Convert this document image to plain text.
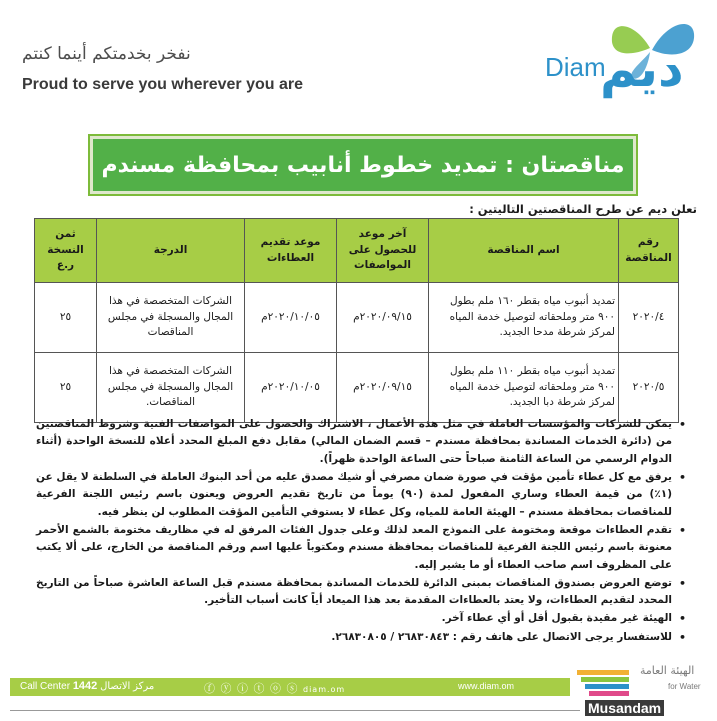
نفخر بخدمتكم أينما كنتم
Proud to serve you wherever you are
Diam
ديم
مناقصتان : تمديد خطوط أنابيب بمحافظة مسندم
تعلن ديم عن طرح المناقصتين التاليتين :
رقم المناقصة	اسم المناقصة	آخر موعد للحصول على المواصفات	موعد تقديم العطاءات	الدرجة	ثمن النسخة ر.ع
٢٠٢٠/٤	تمديد أنبوب مياه بقطر ١٦٠ ملم بطول ٩٠٠ متر وملحقاته لتوصيل خدمة المياه لمركز شرطة مدحا الجديد.	٢٠٢٠/٠٩/١٥م	٢٠٢٠/١٠/٠٥م	الشركات المتخصصة في هذا المجال والمسجلة في مجلس المناقصات	٢٥
٢٠٢٠/٥	تمديد أنبوب مياه بقطر ١١٠ ملم بطول ٩٠٠ متر وملحقاته لتوصيل خدمة المياه لمركز شرطة دبا الجديد.	٢٠٢٠/٠٩/١٥م	٢٠٢٠/١٠/٠٥م	الشركات المتخصصة في هذا المجال والمسجلة في مجلس المناقصات.	٢٥
• يمكن للشركات والمؤسسات العاملة في مثل هذه الأعمال ، الاشتراك والحصول على المواصفات الفنية وشروط المناقصتين من (دائرة الخدمات المساندة بمحافظة مسندم – قسم الضمان المالي) مقابل دفع المبلغ المحدد أعلاه للنسخة الواحدة (أثناء الدوام الرسمي من الساعة الثامنة صباحاً حتى الساعة الواحدة ظهراً).
• يرفق مع كل عطاء تأمين مؤقت في صورة ضمان مصرفي أو شيك مصدق عليه من أحد البنوك العاملة في السلطنة لا يقل عن (١٪) من قيمة العطاء وساري المفعول لمدة (٩٠) يوماً من تاريخ تقديم العروض ويعنون باسم رئيس اللجنة الفرعية للمناقصات بمحافظة مسندم – الهيئة العامة للمياه، وكل عطاء لا يستوفي التأمين المؤقت المطلوب لن ينظر فيه.
• تقدم العطاءات موقعة ومختومة على النموذج المعد لذلك وعلى جدول الفئات المرفق له في مظاريف مختومة بالشمع الأحمر معنونة باسم رئيس اللجنة الفرعية للمناقصات بمحافظة مسندم ومكتوباً عليها اسم ورقم المناقصة من الخارج، على ألا يكتب على المظروف اسم صاحب العطاء أو ما يشير إليه.
• توضع العروض بصندوق المناقصات بمبنى الدائرة للخدمات المساندة بمحافظة مسندم قبل الساعة العاشرة صباحاً من التاريخ المحدد لتقديم العطاءات، ولا يعتد بالعطاءات المقدمة بعد هذا الميعاد أياً كانت أسباب التأخير.
• الهيئة غير مقيدة بقبول أقل أو أي عطاء آخر.
• للاستفسار يرجى الاتصال على هاتف رقم : ٢٦٨٣٠٨٤٣ / ٢٦٨٣٠٨٠٥.
Call Center 1442 مركز الاتصال	ⓕ ⓨ ⓘ ⓣ ⓞ ⓢ diam.om	www.diam.om
الهيئة العامة
for Water
Musandam
